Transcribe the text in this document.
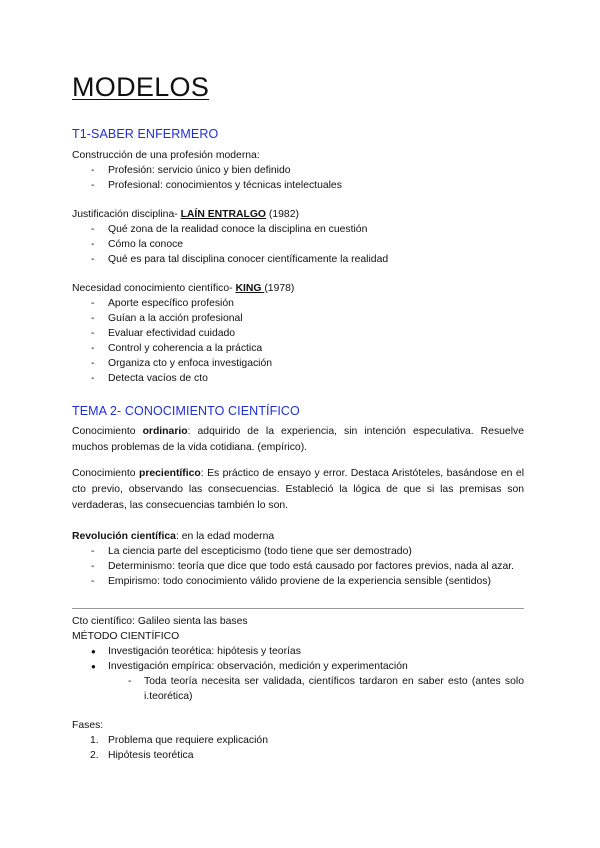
MODELOS
T1-SABER ENFERMERO
Construcción de una profesión moderna:
- Profesión: servicio único y bien definido
- Profesional: conocimientos y técnicas intelectuales
Justificación disciplina- LAÍN ENTRALGO (1982)
- Qué zona de la realidad conoce la disciplina en cuestión
- Cómo la conoce
- Qué es para tal disciplina conocer científicamente la realidad
Necesidad conocimiento científico- KING (1978)
- Aporte específico profesión
- Guían a la acción profesional
- Evaluar efectividad cuidado
- Control y coherencia a la práctica
- Organiza cto y enfoca investigación
- Detecta vacíos de cto
TEMA 2- CONOCIMIENTO CIENTÍFICO

Conocimiento ordinario: adquirido de la experiencia, sin intención especulativa. Resuelve muchos problemas de la vida cotidiana. (empírico).

Conocimiento precientífico: Es práctico de ensayo y error. Destaca Aristóteles, basándose en el cto previo, observando las consecuencias. Estableció la lógica de que si las premisas son verdaderas, las consecuencias también lo son.

Revolución científica: en la edad moderna
- La ciencia parte del escepticismo (todo tiene que ser demostrado)
- Determinismo: teoría que dice que todo está causado por factores previos, nada al azar.
- Empirismo: todo conocimiento válido proviene de la experiencia sensible (sentidos)
Cto científico: Galileo sienta las bases
MÉTODO CIENTÍFICO
● Investigación teorética: hipótesis y teorías
● Investigación empírica: observación, medición y experimentación
- Toda teoría necesita ser validada, científicos tardaron en saber esto (antes solo i.teorética)
Fases:
1. Problema que requiere explicación
2. Hipótesis teorética
